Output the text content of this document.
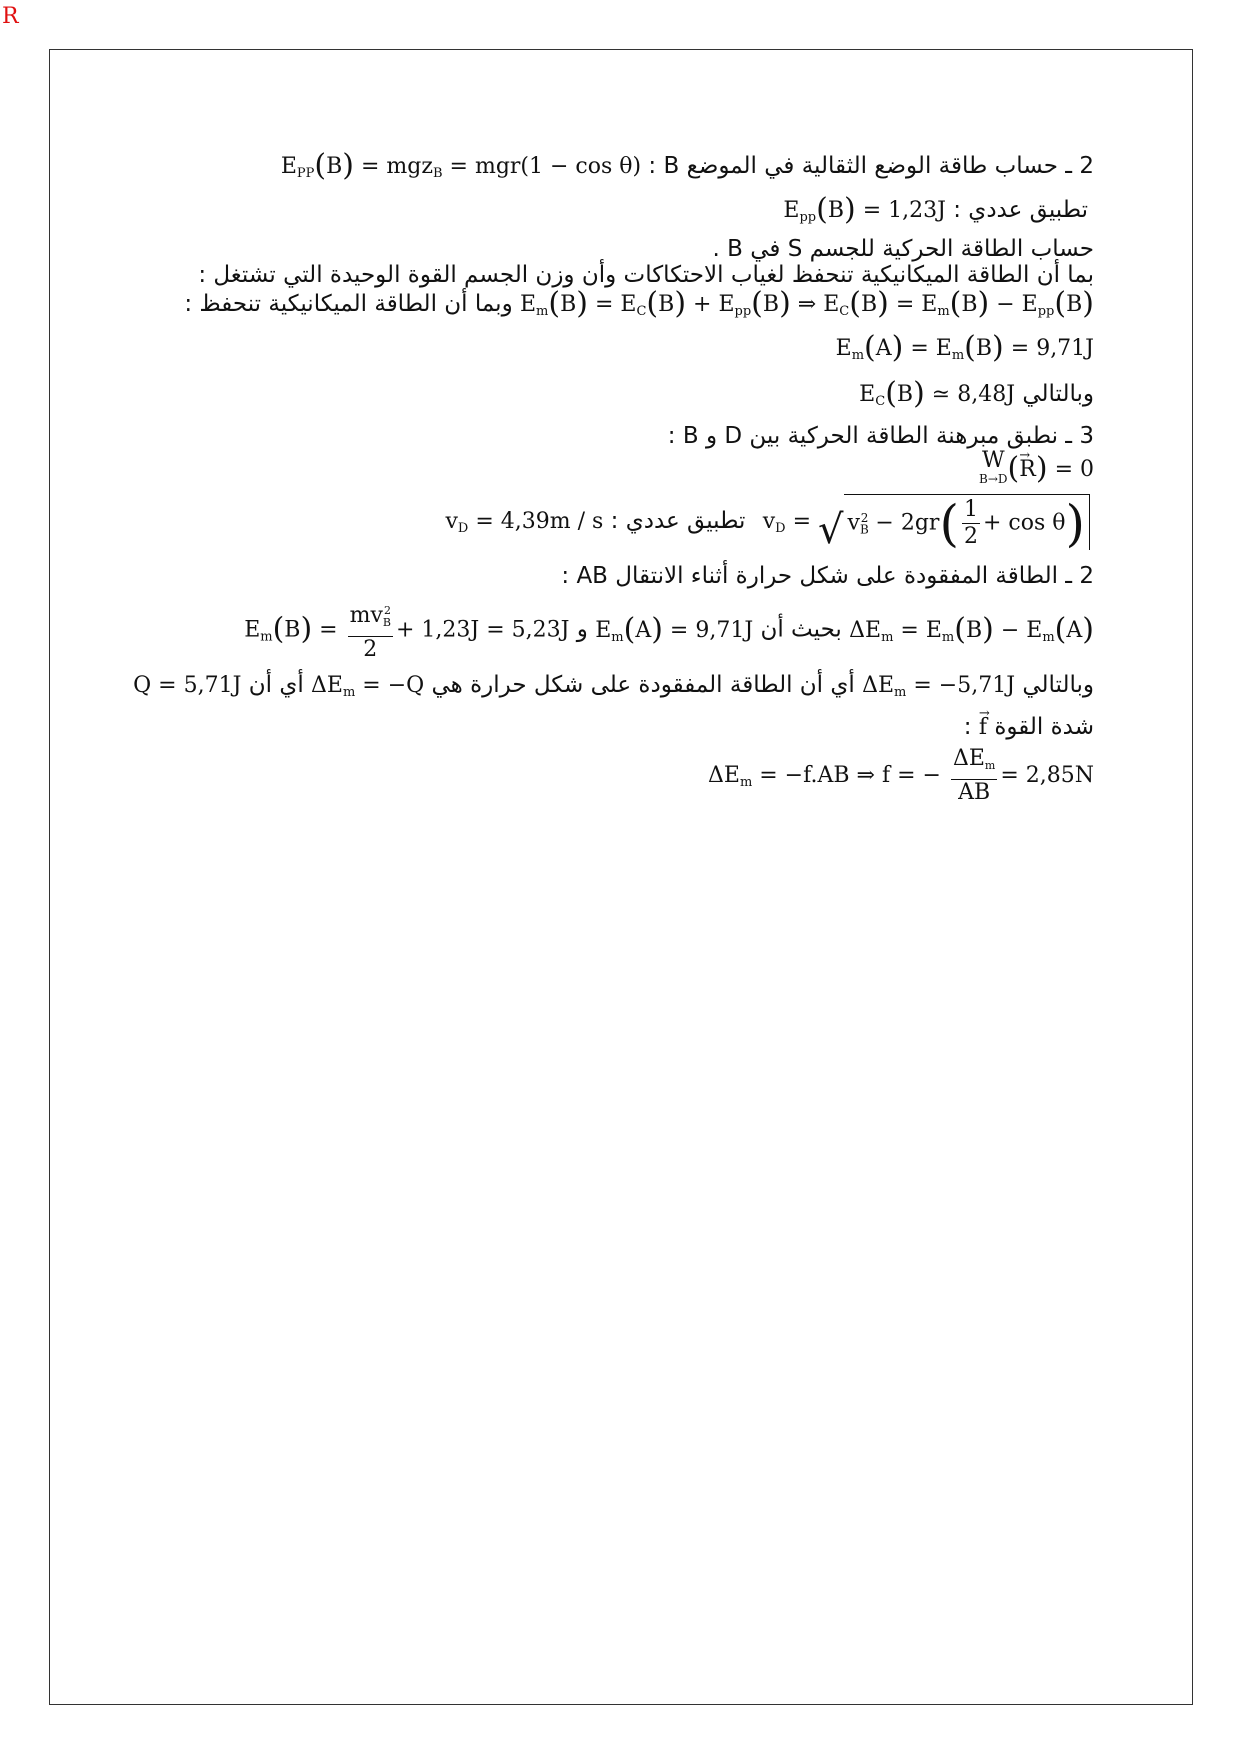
R
2 ـ حساب طاقة الوضع الثقالية في الموضع B : $E_{PP}(B) = mgz_B = mgr(1 - \cos \theta)$
تطبيق عددي : $E_{pp}(B) = 1,23J$
حساب الطاقة الحركية للجسم S في B .
بما أن الطاقة الميكانيكية تنحفظ لغياب الاحتكاكات وأن وزن الجسم القوة الوحيدة التي تشتغل :
$E_m(B) = E_C(B) + E_{pp}(B)$ ⇒ $E_C(B) = E_m(B) - E_{pp}(B)$ وبما أن الطاقة الميكانيكية تنحفظ :
$E_m(A) = E_m(B) = 9,71J$
وبالتالي $E_C(B)$ ≃ 8,48J
3 ـ نطبق مبرهنة الطاقة الحركية بين D و B :
W
B→D (→ R) = 0
$v_D$ = √ $v_B^2 - 2gr( \frac{1}{2} + \cos \theta)$ تطبيق عددي : $v_D = 4,39m / s$
2 ـ الطاقة المفقودة على شكل حرارة أثناء الانتقال AB :
$\Delta E_m = E_m(B) - E_m(A)$ بحيث أن $E_m(A) = 9,71J$ و $E_m(B) = \frac{mv_B^2}{2} + 1,23J = 5,23J$
وبالتالي $\Delta E_m = -5,71J$ أي أن الطاقة المفقودة على شكل حرارة هي $\Delta E_m = -Q$ أي أن Q = 5,71J
شدة القوة → f :
$\Delta E_m = -f.AB$ ⇒ f = − $\frac{\Delta E_m}{AB} = 2,85N$
